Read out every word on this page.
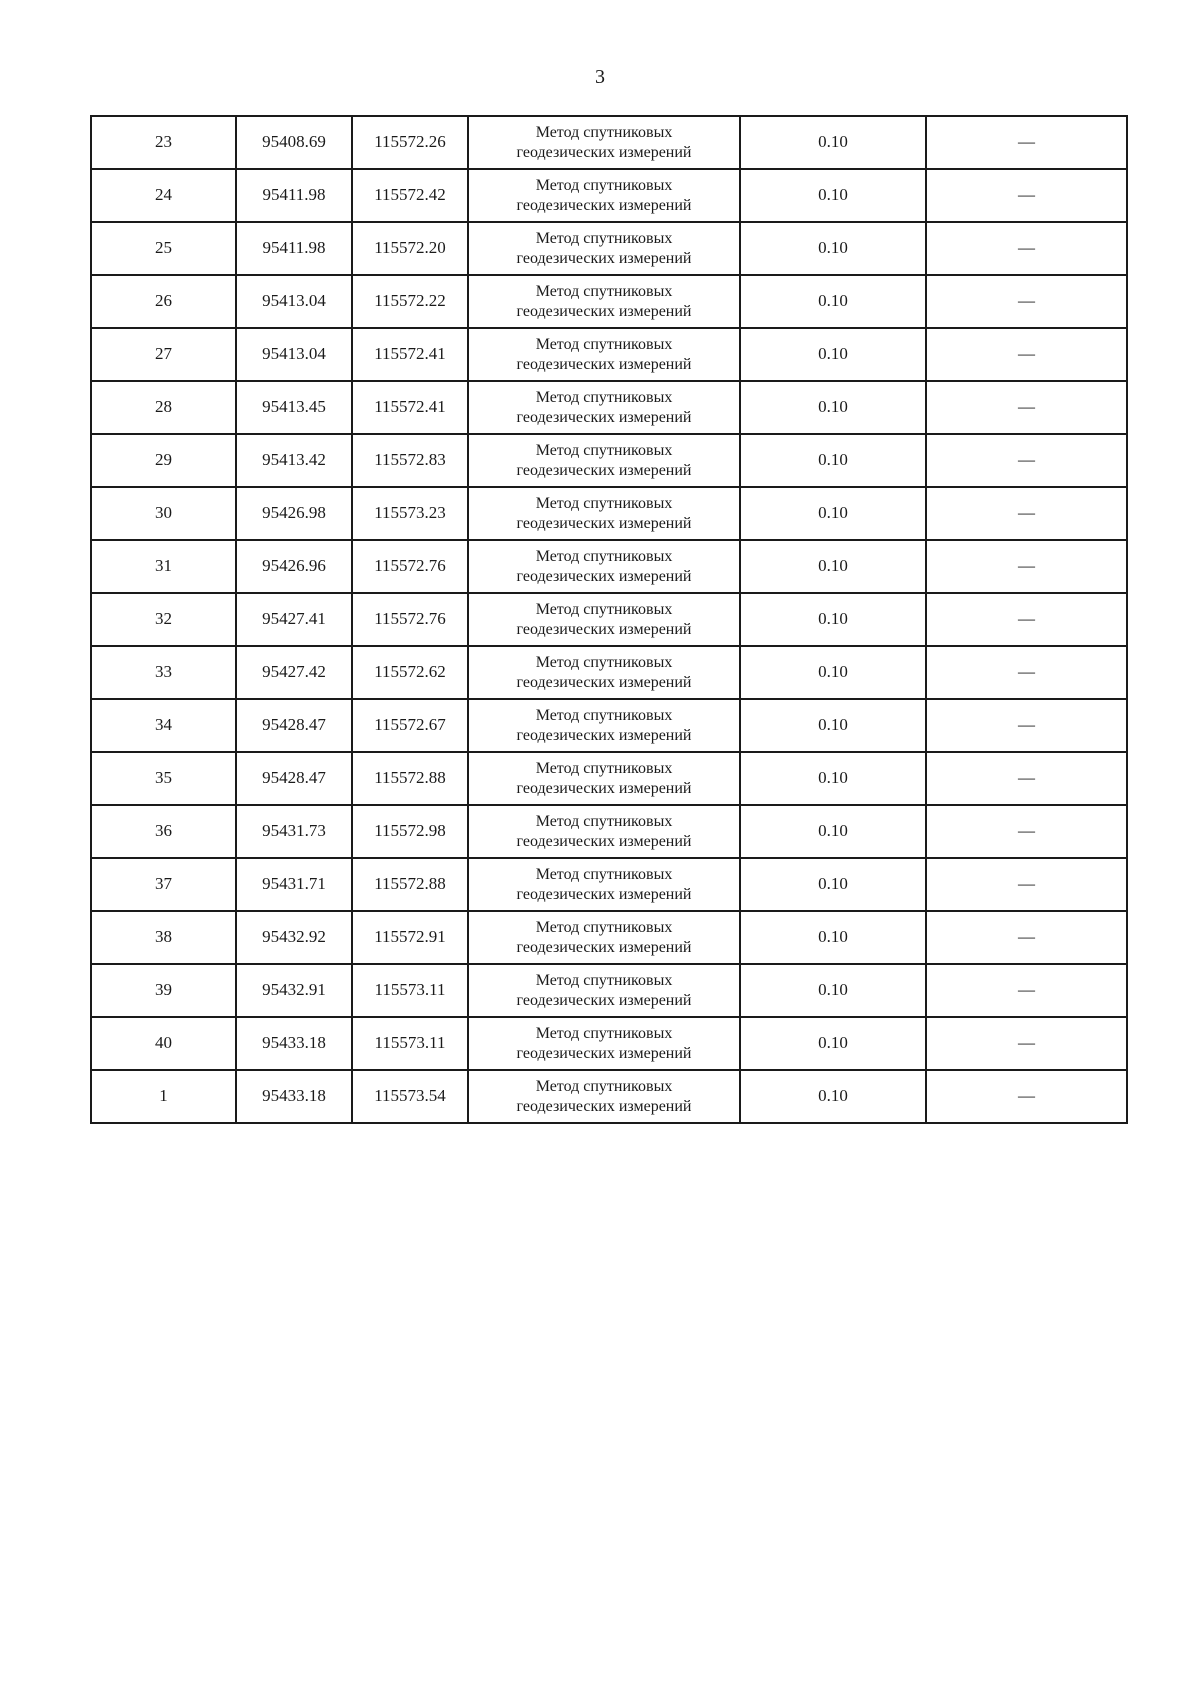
3
23	95408.69	115572.26	Метод спутниковых
геодезических измерений	0.10	—
24	95411.98	115572.42	Метод спутниковых
геодезических измерений	0.10	—
25	95411.98	115572.20	Метод спутниковых
геодезических измерений	0.10	—
26	95413.04	115572.22	Метод спутниковых
геодезических измерений	0.10	—
27	95413.04	115572.41	Метод спутниковых
геодезических измерений	0.10	—
28	95413.45	115572.41	Метод спутниковых
геодезических измерений	0.10	—
29	95413.42	115572.83	Метод спутниковых
геодезических измерений	0.10	—
30	95426.98	115573.23	Метод спутниковых
геодезических измерений	0.10	—
31	95426.96	115572.76	Метод спутниковых
геодезических измерений	0.10	—
32	95427.41	115572.76	Метод спутниковых
геодезических измерений	0.10	—
33	95427.42	115572.62	Метод спутниковых
геодезических измерений	0.10	—
34	95428.47	115572.67	Метод спутниковых
геодезических измерений	0.10	—
35	95428.47	115572.88	Метод спутниковых
геодезических измерений	0.10	—
36	95431.73	115572.98	Метод спутниковых
геодезических измерений	0.10	—
37	95431.71	115572.88	Метод спутниковых
геодезических измерений	0.10	—
38	95432.92	115572.91	Метод спутниковых
геодезических измерений	0.10	—
39	95432.91	115573.11	Метод спутниковых
геодезических измерений	0.10	—
40	95433.18	115573.11	Метод спутниковых
геодезических измерений	0.10	—
1	95433.18	115573.54	Метод спутниковых
геодезических измерений	0.10	—
